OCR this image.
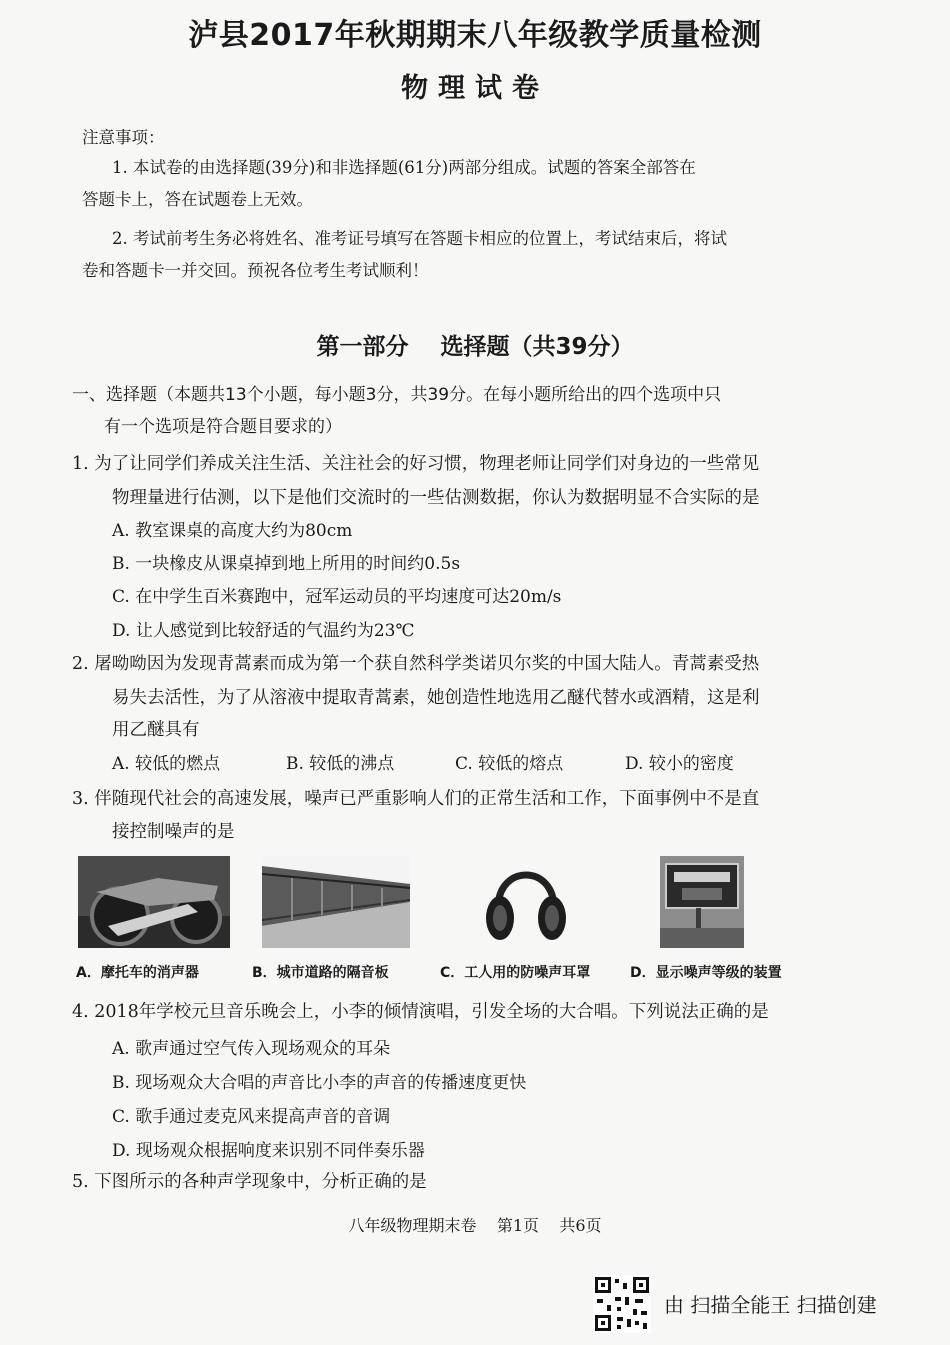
泸县2017年秋期期末八年级教学质量检测
物理试卷
注意事项：
1. 本试卷的由选择题(39分)和非选择题(61分)两部分组成。试题的答案全部答在
答题卡上，答在试题卷上无效。
2. 考试前考生务必将姓名、准考证号填写在答题卡相应的位置上，考试结束后，将试
卷和答题卡一并交回。预祝各位考生考试顺利！
第一部分    选择题（共39分）
一、选择题（本题共13个小题，每小题3分，共39分。在每小题所给出的四个选项中只
有一个选项是符合题目要求的）
1. 为了让同学们养成关注生活、关注社会的好习惯，物理老师让同学们对身边的一些常见
物理量进行估测，以下是他们交流时的一些估测数据，你认为数据明显不合实际的是
A. 教室课桌的高度大约为80cm
B. 一块橡皮从课桌掉到地上所用的时间约0.5s
C. 在中学生百米赛跑中，冠军运动员的平均速度可达20m/s
D. 让人感觉到比较舒适的气温约为23℃
2. 屠呦呦因为发现青蒿素而成为第一个获自然科学类诺贝尔奖的中国大陆人。青蒿素受热
易失去活性，为了从溶液中提取青蒿素，她创造性地选用乙醚代替水或酒精，这是利
用乙醚具有
A. 较低的燃点	B. 较低的沸点	C. 较低的熔点	D. 较小的密度
3. 伴随现代社会的高速发展，噪声已严重影响人们的正常生活和工作，下面事例中不是直
接控制噪声的是
A．摩托车的消声器	B．城市道路的隔音板	C．工人用的防噪声耳罩	D．显示噪声等级的装置
4. 2018年学校元旦音乐晚会上，小李的倾情演唱，引发全场的大合唱。下列说法正确的是
A. 歌声通过空气传入现场观众的耳朵
B. 现场观众大合唱的声音比小李的声音的传播速度更快
C. 歌手通过麦克风来提高声音的音调
D. 现场观众根据响度来识别不同伴奏乐器
5. 下图所示的各种声学现象中，分析正确的是
八年级物理期末卷    第1页    共6页
由 扫描全能王 扫描创建
